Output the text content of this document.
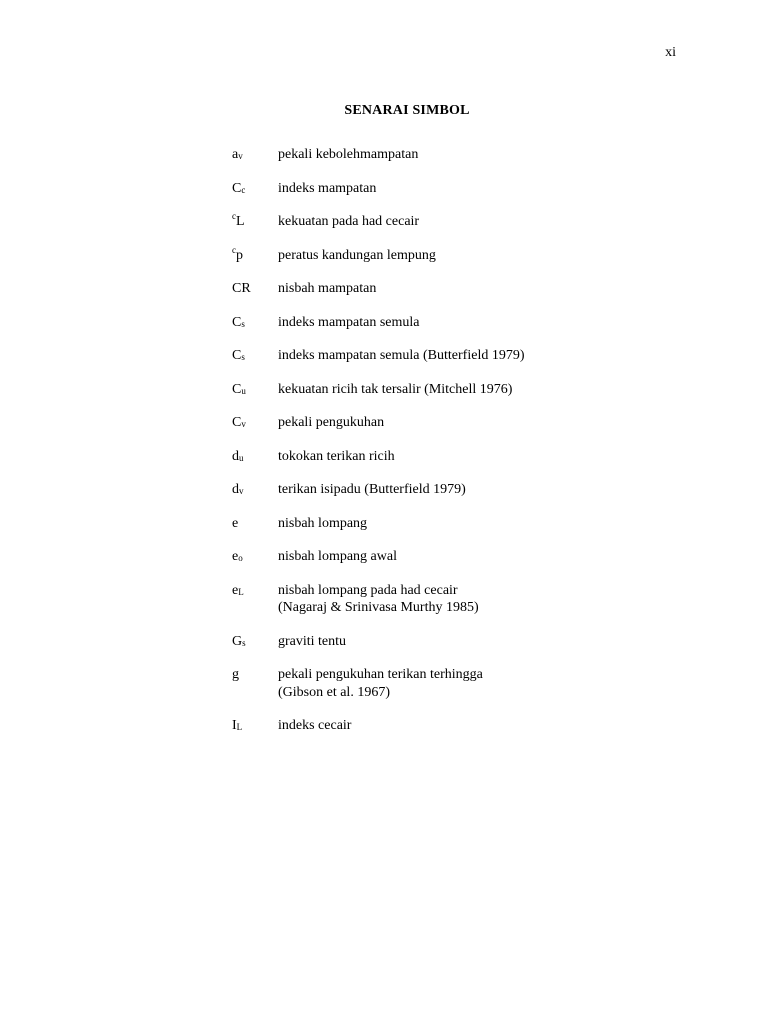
xi
SENARAI SIMBOL
av	pekali kebolehmampatan
Cc	indeks mampatan
$^c$L	kekuatan pada had cecair
$^c$p	peratus kandungan lempung
CR	nisbah mampatan
Cs	indeks mampatan semula
Cs	indeks mampatan semula (Butterfield 1979)
Cu	kekuatan ricih tak tersalir (Mitchell 1976)
Cv	pekali pengukuhan
du	tokokan terikan ricih
dv	terikan isipadu (Butterfield 1979)
e	nisbah lompang
eo	nisbah lompang awal
eL	nisbah lompang pada had cecair
(Nagaraj & Srinivasa Murthy 1985)
Gs	graviti tentu
g	pekali pengukuhan terikan terhingga
(Gibson et al. 1967)
IL	indeks cecair
